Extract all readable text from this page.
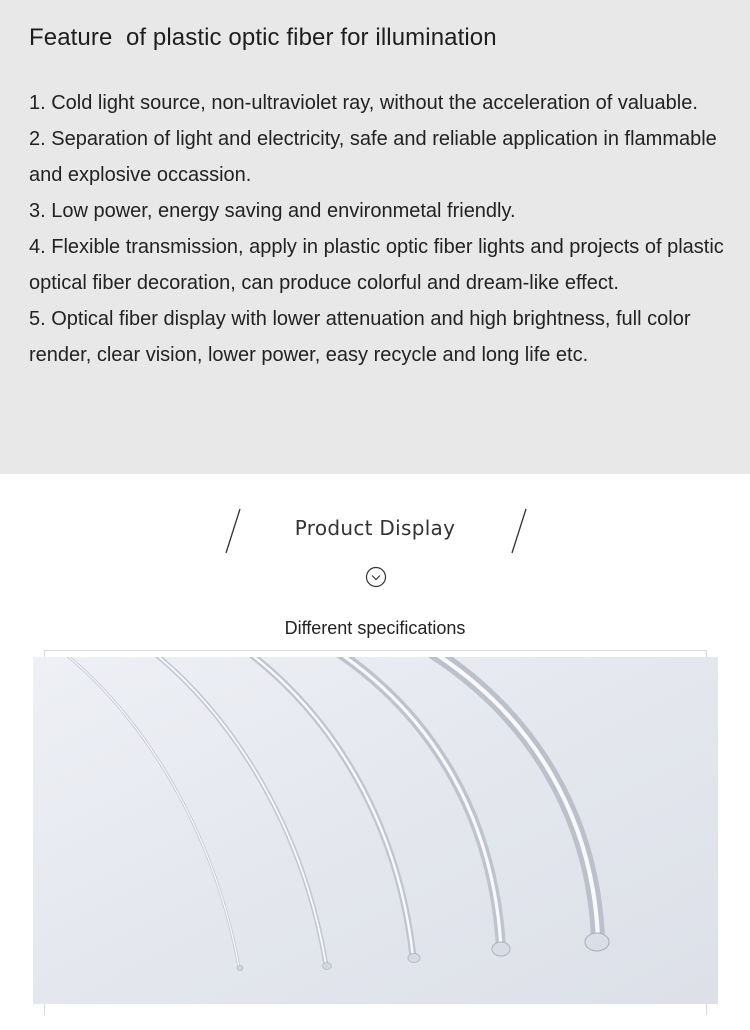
Feature  of plastic optic fiber for illumination
1. Cold light source, non-ultraviolet ray, without the acceleration of valuable.
2. Separation of light and electricity, safe and reliable application in flammable and explosive occassion.
3. Low power, energy saving and environmetal friendly.
4. Flexible transmission, apply in plastic optic fiber lights and projects of plastic optical fiber decoration, can produce colorful and dream-like effect.
5. Optical fiber display with lower attenuation and high brightness, full color render, clear vision, lower power, easy recycle and long life etc.
Product Display
Different specifications
